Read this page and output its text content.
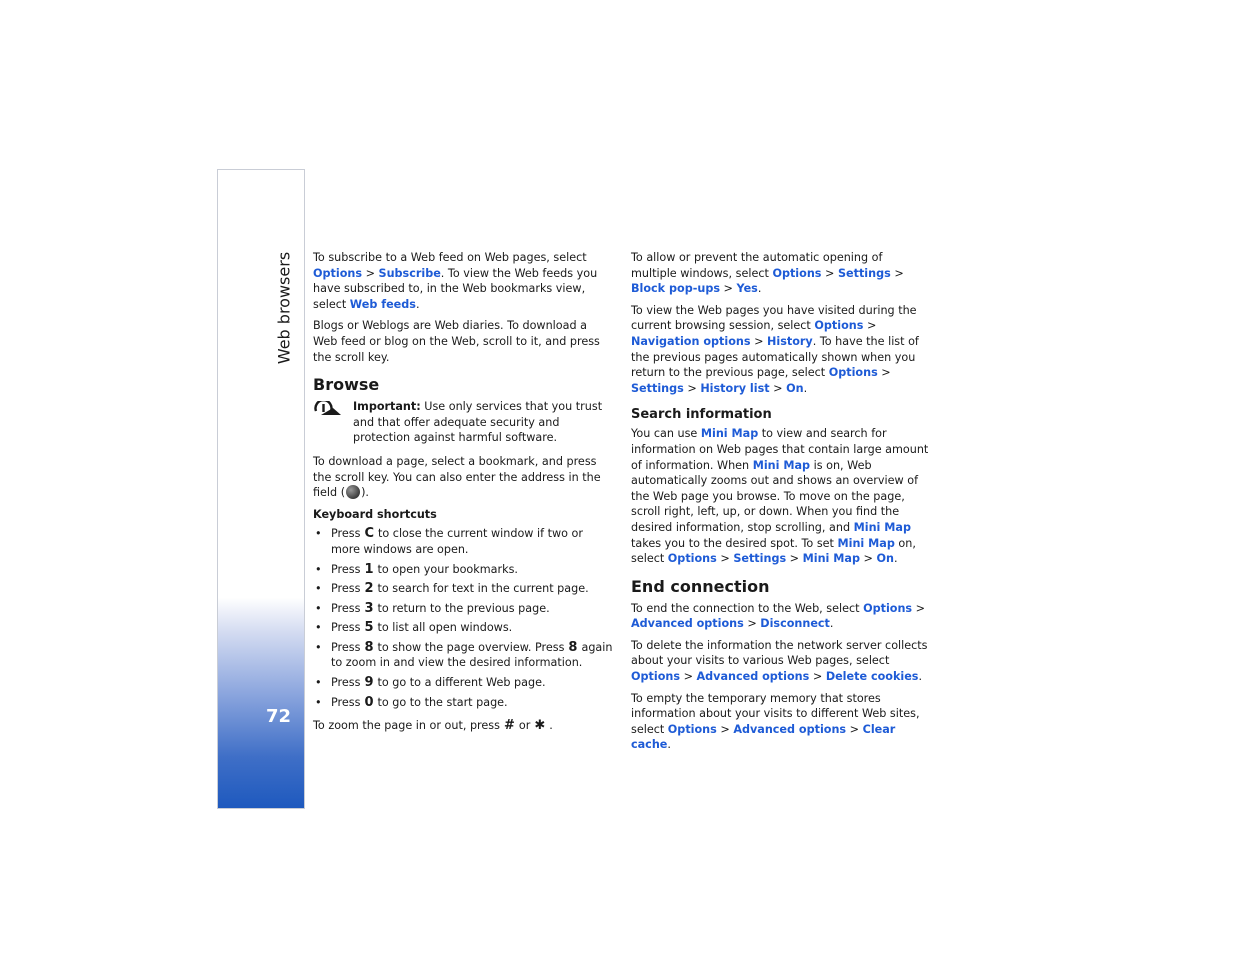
Web browsers
72

To subscribe to a Web feed on Web pages, select Options > Subscribe. To view the Web feeds you have subscribed to, in the Web bookmarks view, select Web feeds.

Blogs or Weblogs are Web diaries. To download a Web feed or blog on the Web, scroll to it, and press the scroll key.

Browse
Important: Use only services that you trust and that offer adequate security and protection against harmful software.

To download a page, select a bookmark, and press the scroll key. You can also enter the address in the field ( ).

Keyboard shortcuts
• Press C to close the current window if two or more windows are open.
• Press 1 to open your bookmarks.
• Press 2 to search for text in the current page.
• Press 3 to return to the previous page.
• Press 5 to list all open windows.
• Press 8 to show the page overview. Press 8 again to zoom in and view the desired information.
• Press 9 to go to a different Web page.
• Press 0 to go to the start page.

To zoom the page in or out, press # or ✱ .

To allow or prevent the automatic opening of multiple windows, select Options > Settings > Block pop-ups > Yes.

To view the Web pages you have visited during the current browsing session, select Options > Navigation options > History. To have the list of the previous pages automatically shown when you return to the previous page, select Options > Settings > History list > On.

Search information

You can use Mini Map to view and search for information on Web pages that contain large amount of information. When Mini Map is on, Web automatically zooms out and shows an overview of the Web page you browse. To move on the page, scroll right, left, up, or down. When you find the desired information, stop scrolling, and Mini Map takes you to the desired spot. To set Mini Map on, select Options > Settings > Mini Map > On.

End connection

To end the connection to the Web, select Options > Advanced options > Disconnect.

To delete the information the network server collects about your visits to various Web pages, select Options > Advanced options > Delete cookies.

To empty the temporary memory that stores information about your visits to different Web sites, select Options > Advanced options > Clear cache.
